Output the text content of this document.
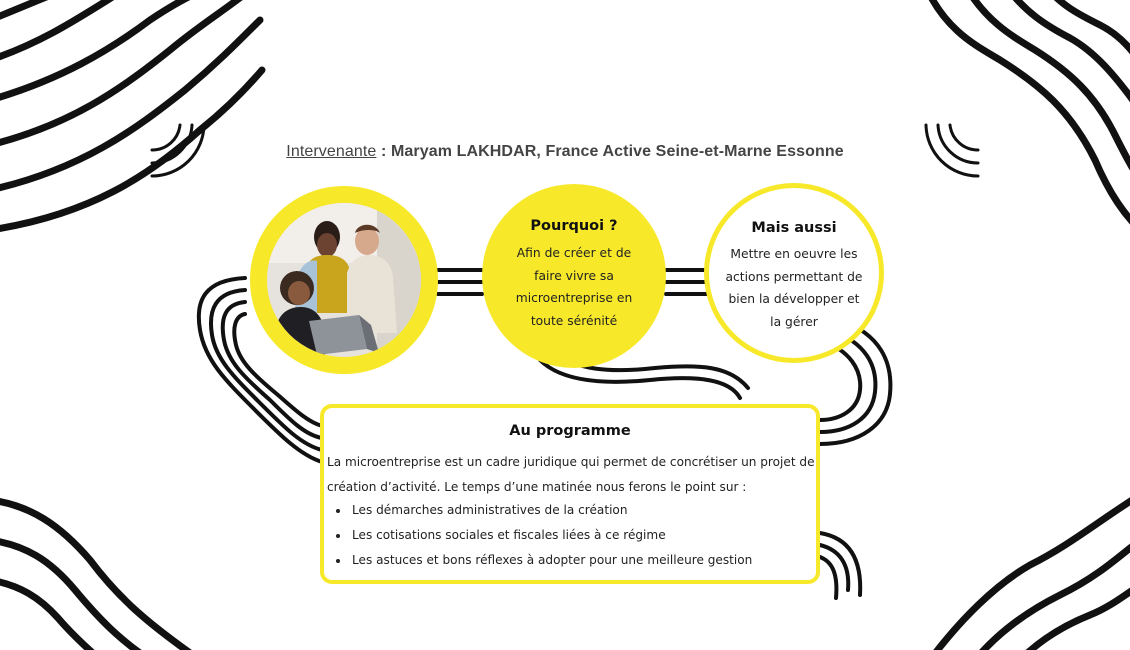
Intervenante : Maryam LAKHDAR, France Active Seine-et-Marne Essonne
Pourquoi ?
Afin de créer et de faire vivre sa microentreprise en toute sérénité
Mais aussi
Mettre en oeuvre les actions permettant de bien la développer et la gérer
Au programme
La microentreprise est un cadre juridique qui permet de concrétiser un projet de création d’activité. Le temps d’une matinée nous ferons le point sur :
• Les démarches administratives de la création
• Les cotisations sociales et fiscales liées à ce régime
• Les astuces et bons réflexes à adopter pour une meilleure gestion
